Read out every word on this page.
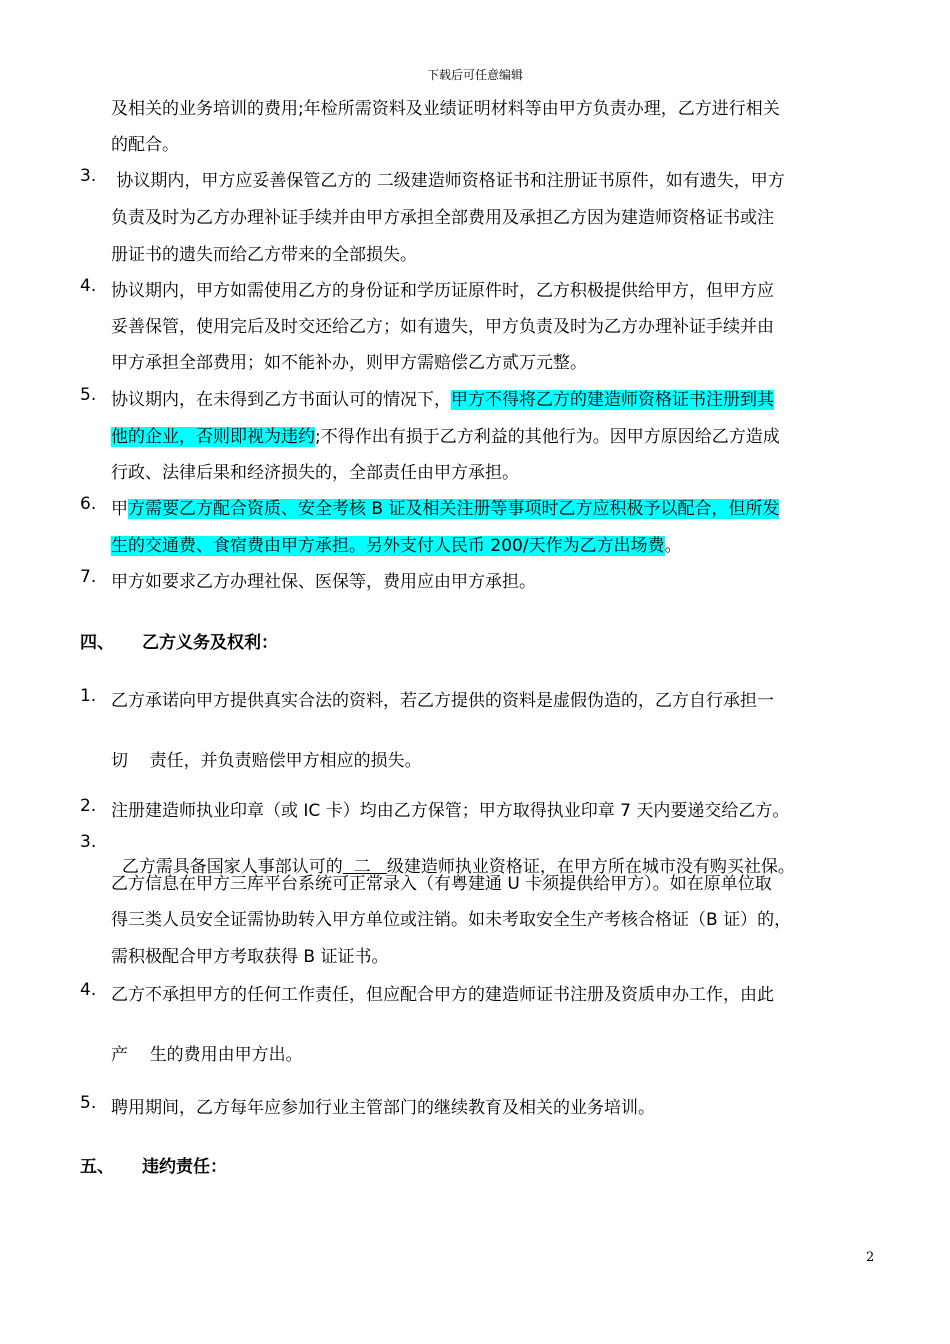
下载后可任意编辑
及相关的业务培训的费用;年检所需资料及业绩证明材料等由甲方负责办理，乙方进行相关
的配合。
3. 协议期内，甲方应妥善保管乙方的 二级建造师资格证书和注册证书原件，如有遗失，甲方
负责及时为乙方办理补证手续并由甲方承担全部费用及承担乙方因为建造师资格证书或注
册证书的遗失而给乙方带来的全部损失。
4. 协议期内，甲方如需使用乙方的身份证和学历证原件时，乙方积极提供给甲方，但甲方应
妥善保管，使用完后及时交还给乙方；如有遗失，甲方负责及时为乙方办理补证手续并由
甲方承担全部费用；如不能补办，则甲方需赔偿乙方贰万元整。
5. 协议期内，在未得到乙方书面认可的情况下，甲方不得将乙方的建造师资格证书注册到其
他的企业，否则即视为违约;不得作出有损于乙方利益的其他行为。因甲方原因给乙方造成
行政、法律后果和经济损失的，全部责任由甲方承担。
6. 甲方需要乙方配合资质、安全考核 B 证及相关注册等事项时乙方应积极予以配合，但所发
生的交通费、食宿费由甲方承担。另外支付人民币 200/天作为乙方出场费。
7. 甲方如要求乙方办理社保、医保等，费用应由甲方承担。
四、 乙方义务及权利：
1. 乙方承诺向甲方提供真实合法的资料，若乙方提供的资料是虚假伪造的，乙方自行承担一
切    责任，并负责赔偿甲方相应的损失。
2. 注册建造师执业印章（或 IC 卡）均由乙方保管；甲方取得执业印章 7 天内要递交给乙方。
3.

乙方需具备国家人事部认可的  二   级建造师执业资格证，在甲方所在城市没有购买社保。

乙方信息在甲方三库平台系统可正常录入（有粤建通 U 卡须提供给甲方）。如在原单位取
得三类人员安全证需协助转入甲方单位或注销。如未考取安全生产考核合格证（B 证）的，
需积极配合甲方考取获得 B 证证书。
4. 乙方不承担甲方的任何工作责任，但应配合甲方的建造师证书注册及资质申办工作，由此
产    生的费用由甲方出。
5. 聘用期间，乙方每年应参加行业主管部门的继续教育及相关的业务培训。
五、 违约责任：
2
